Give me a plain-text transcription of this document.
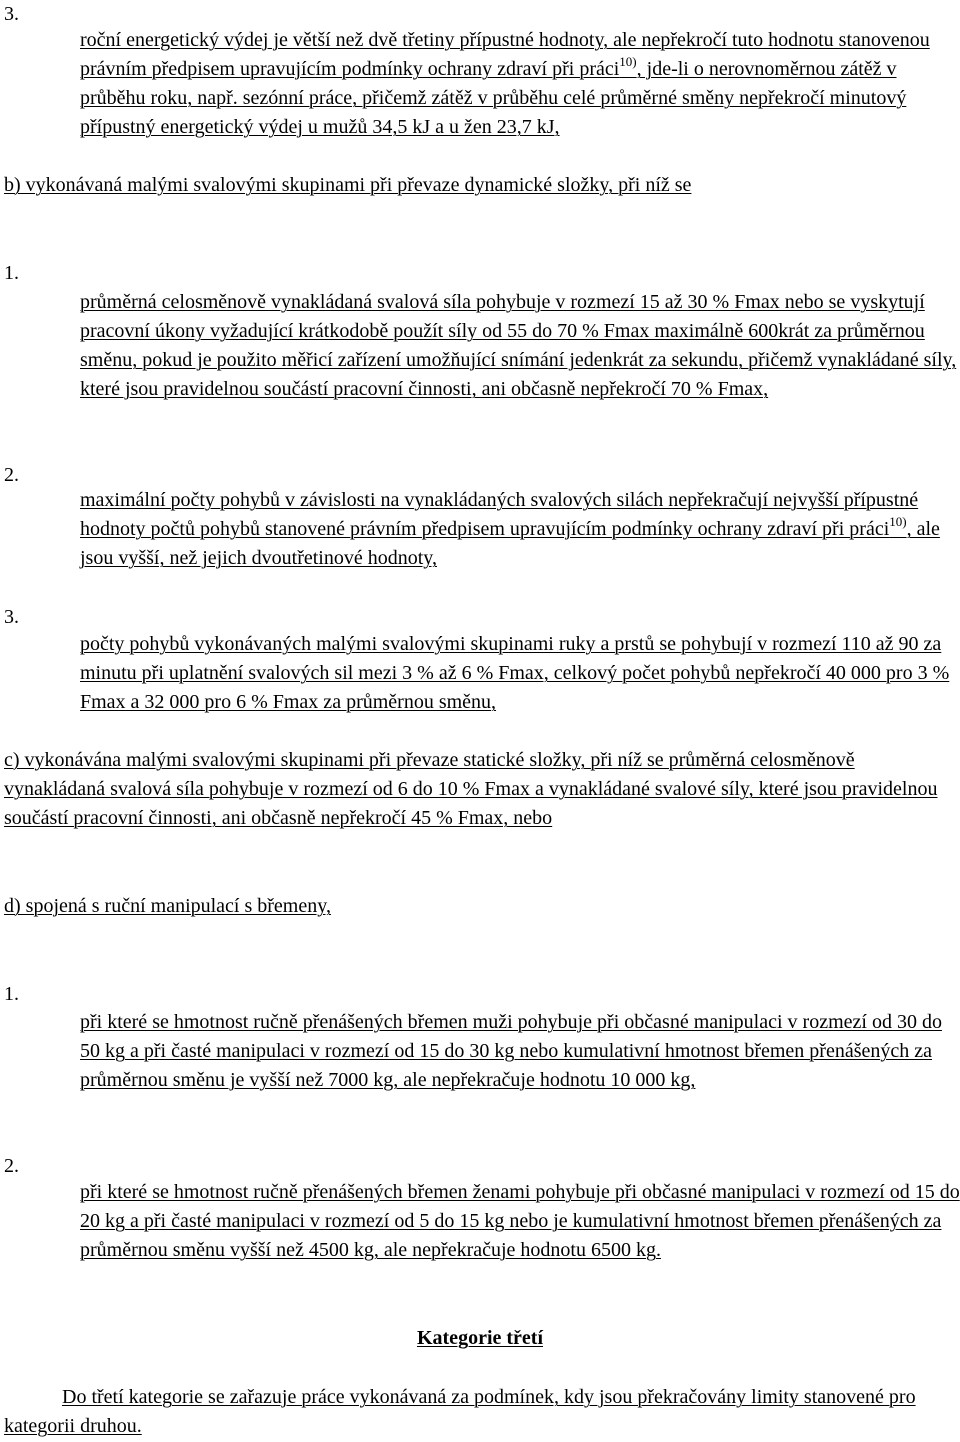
3.

roční energetický výdej je větší než dvě třetiny přípustné hodnoty, ale nepřekročí tuto hodnotu stanovenou právním předpisem upravujícím podmínky ochrany zdraví při práci$^{10)}$, jde-li o nerovnoměrnou zátěž v průběhu roku, např. sezónní práce, přičemž zátěž v průběhu celé průměrné směny nepřekročí minutový přípustný energetický výdej u mužů 34,5 kJ a u žen 23,7 kJ,

b) vykonávaná malými svalovými skupinami při převaze dynamické složky, při níž se

1.

průměrná celosměnově vynakládaná svalová síla pohybuje v rozmezí 15 až 30 % Fmax nebo se vyskytují pracovní úkony vyžadující krátkodobě použít síly od 55 do 70 % Fmax maximálně 600krát za průměrnou směnu, pokud je použito měřicí zařízení umožňující snímání jedenkrát za sekundu, přičemž vynakládané síly, které jsou pravidelnou součástí pracovní činnosti, ani občasně nepřekročí 70 % Fmax,

2.

maximální počty pohybů v závislosti na vynakládaných svalových silách nepřekračují nejvyšší přípustné hodnoty počtů pohybů stanovené právním předpisem upravujícím podmínky ochrany zdraví při práci$^{10)}$, ale jsou vyšší, než jejich dvoutřetinové hodnoty,

3.

počty pohybů vykonávaných malými svalovými skupinami ruky a prstů se pohybují v rozmezí 110 až 90 za minutu při uplatnění svalových sil mezi 3 % až 6 % Fmax, celkový počet pohybů nepřekročí 40 000 pro 3 % Fmax a 32 000 pro 6 % Fmax za průměrnou směnu,

c) vykonávána malými svalovými skupinami při převaze statické složky, při níž se průměrná celosměnově vynakládaná svalová síla pohybuje v rozmezí od 6 do 10 % Fmax a vynakládané svalové síly, které jsou pravidelnou součástí pracovní činnosti, ani občasně nepřekročí 45 % Fmax, nebo

d) spojená s ruční manipulací s břemeny,

1.

při které se hmotnost ručně přenášených břemen muži pohybuje při občasné manipulaci v rozmezí od 30 do 50 kg a při časté manipulaci v rozmezí od 15 do 30 kg nebo kumulativní hmotnost břemen přenášených za průměrnou směnu je vyšší než 7000 kg, ale nepřekračuje hodnotu 10 000 kg,

2.

při které se hmotnost ručně přenášených břemen ženami pohybuje při občasné manipulaci v rozmezí od 15 do 20 kg a při časté manipulaci v rozmezí od 5 do 15 kg nebo je kumulativní hmotnost břemen přenášených za průměrnou směnu vyšší než 4500 kg, ale nepřekračuje hodnotu 6500 kg.

Kategorie třetí

Do třetí kategorie se zařazuje práce vykonávaná za podmínek, kdy jsou překračovány limity stanovené pro kategorii druhou.
